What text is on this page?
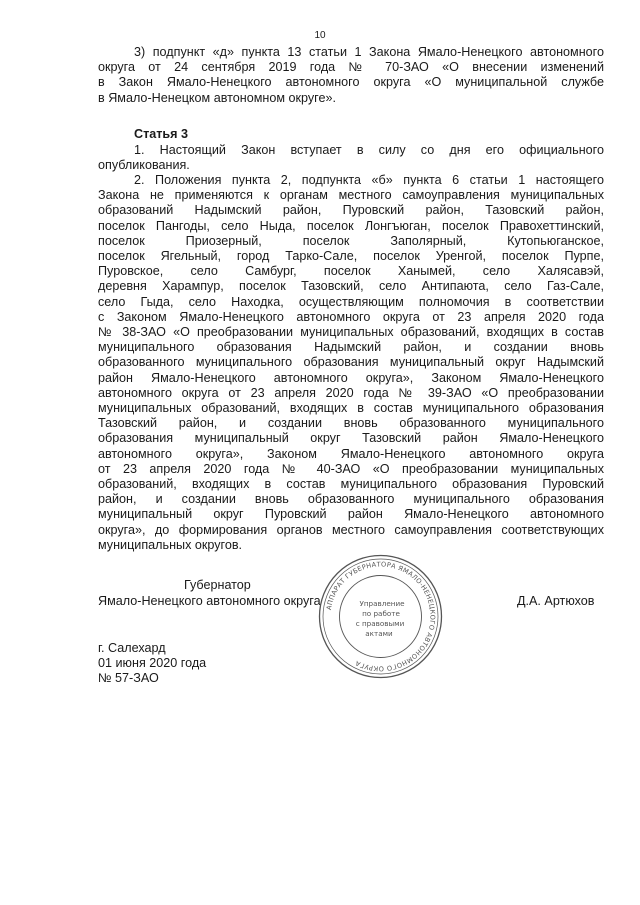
10
3) подпункт «д» пункта 13 статьи 1 Закона Ямало-Ненецкого автономного
округа от 24 сентября 2019 года № 70-ЗАО «О внесении изменений
в Закон Ямало-Ненецкого автономного округа «О муниципальной службе
в Ямало-Ненецком автономном округе».
Статья 3
1. Настоящий Закон вступает в силу со дня его официального
опубликования.
2. Положения пункта 2, подпункта «б» пункта 6 статьи 1 настоящего
Закона не применяются к органам местного самоуправления муниципальных
образований Надымский район, Пуровский район, Тазовский район,
поселок Пангоды, село Ныда, поселок Лонгъюган, поселок Правохеттинский,
поселок Приозерный, поселок Заполярный, Кутопьюганское,
поселок Ягельный, город Тарко-Сале, поселок Уренгой, поселок Пурпе,
Пуровское, село Самбург, поселок Ханымей, село Халясавэй,
деревня Харампур, поселок Тазовский, село Антипаюта, село Газ-Сале,
село Гыда, село Находка, осуществляющим полномочия в соответствии
с Законом Ямало-Ненецкого автономного округа от 23 апреля 2020 года
№ 38-ЗАО «О преобразовании муниципальных образований, входящих в состав
муниципального образования Надымский район, и создании вновь
образованного муниципального образования муниципальный округ Надымский
район Ямало-Ненецкого автономного округа», Законом Ямало-Ненецкого
автономного округа от 23 апреля 2020 года № 39-ЗАО «О преобразовании
муниципальных образований, входящих в состав муниципального образования
Тазовский район, и создании вновь образованного муниципального
образования муниципальный округ Тазовский район Ямало-Ненецкого
автономного округа», Законом Ямало-Ненецкого автономного округа
от 23 апреля 2020 года № 40-ЗАО «О преобразовании муниципальных
образований, входящих в состав муниципального образования Пуровский
район, и создании вновь образованного муниципального образования
муниципальный округ Пуровский район Ямало-Ненецкого автономного
округа», до формирования органов местного самоуправления соответствующих
муниципальных округов.
Губернатор
Ямало-Ненецкого автономного округа	Д.А. Артюхов
АППАРАТ ГУБЕРНАТОРА ЯМАЛО-НЕНЕЦКОГО АВТОНОМНОГО ОКРУГА
Управление
по работе
с правовыми
актами
г. Салехард
01 июня 2020 года
№ 57-ЗАО
